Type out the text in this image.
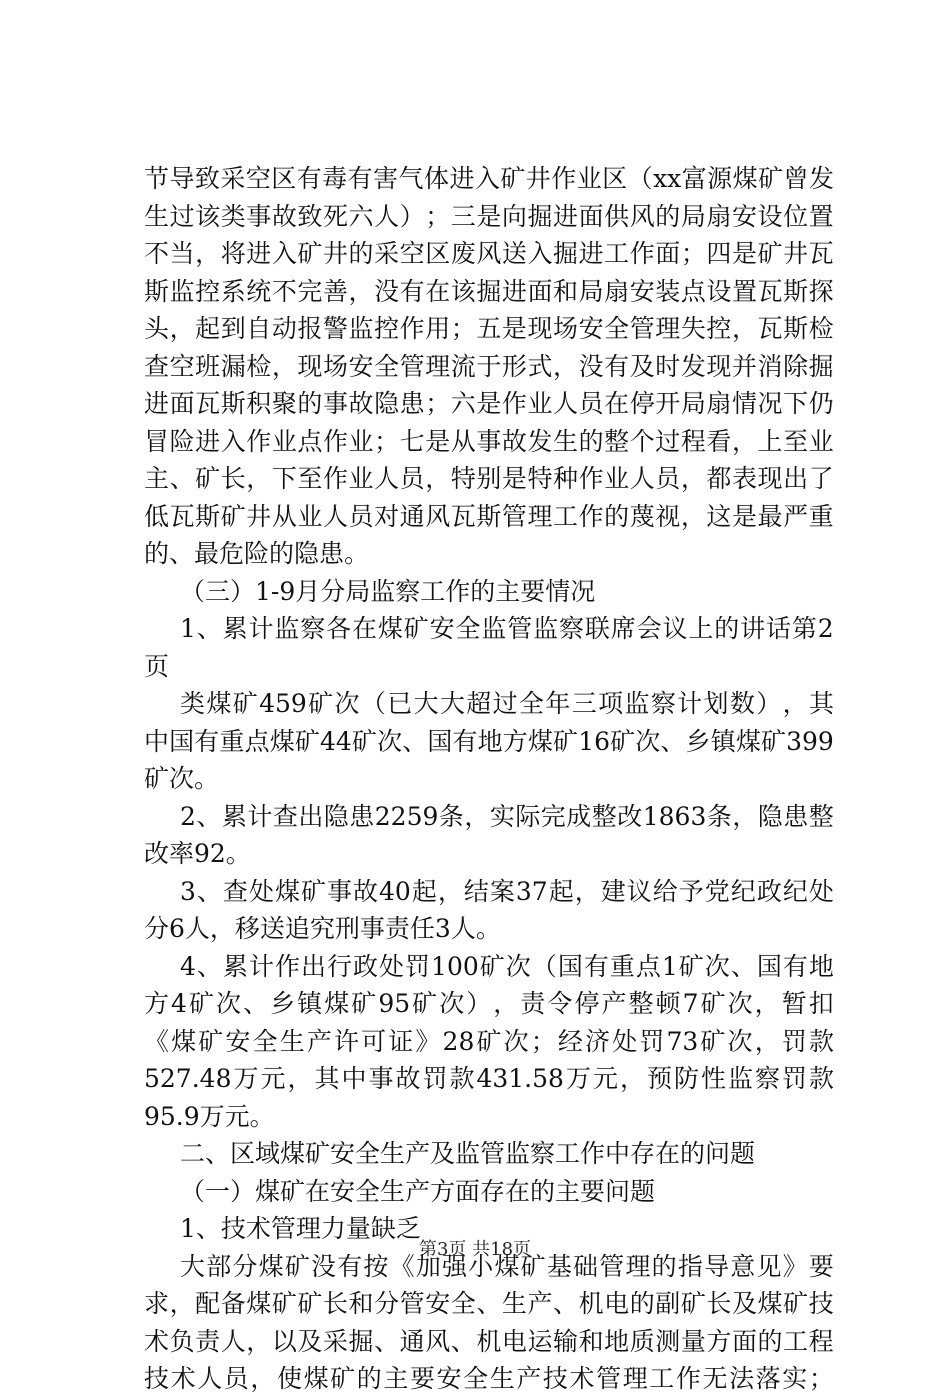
节 导 致 采 空 区 有 毒 有 害 气 体 进 入 矿 井 作 业 区 （ xx 富 源 煤 矿 曾 发
生 过 该 类 事 故 致 死 六 人 ） ； 三 是 向 掘 进 面 供 风 的 局 扇 安 设 位 置
不 当 ， 将 进 入 矿 井 的 采 空 区 废 风 送 入 掘 进 工 作 面 ； 四 是 矿 井 瓦
斯 监 控 系 统 不 完 善 ， 没 有 在 该 掘 进 面 和 局 扇 安 装 点 设 置 瓦 斯 探
头 ， 起 到 自 动 报 警 监 控 作 用 ； 五 是 现 场 安 全 管 理 失 控 ， 瓦 斯 检
查 空 班 漏 检 ， 现 场 安 全 管 理 流 于 形 式 ， 没 有 及 时 发 现 并 消 除 掘
进 面 瓦 斯 积 聚 的 事 故 隐 患 ； 六 是 作 业 人 员 在 停 开 局 扇 情 况 下 仍
冒 险 进 入 作 业 点 作 业 ； 七 是 从 事 故 发 生 的 整 个 过 程 看 ， 上 至 业
主 、 矿 长 ， 下 至 作 业 人 员 ， 特 别 是 特 种 作 业 人 员 ， 都 表 现 出 了
低 瓦 斯 矿 井 从 业 人 员 对 通 风 瓦 斯 管 理 工 作 的 蔑 视 ， 这 是 最 严 重
的、最危险的隐患。
（三）1-9月分局监察工作的主要情况
1 、 累 计 监 察 各 在 煤 矿 安 全 监 管 监 察 联 席 会 议 上 的 讲 话 第 2
页
类 煤 矿 459 矿 次 （ 已 大 大 超 过 全 年 三 项 监 察 计 划 数 ） ， 其
中 国 有 重 点 煤 矿 44 矿 次 、 国 有 地 方 煤 矿 16 矿 次 、 乡 镇 煤 矿 399
矿次。
2 、 累 计 查 出 隐 患 2259 条 ， 实 际 完 成 整 改 1863 条 ， 隐 患 整
改率92。
3 、 查 处 煤 矿 事 故 40 起 ， 结 案 37 起 ， 建 议 给 予 党 纪 政 纪 处
分6人，移送追究刑事责任3人。
4 、 累 计 作 出 行 政 处 罚 100 矿 次 （ 国 有 重 点 1 矿 次 、 国 有 地
方 4 矿 次 、 乡 镇 煤 矿 95 矿 次 ） ， 责 令 停 产 整 顿 7 矿 次 ， 暂 扣
《 煤 矿 安 全 生 产 许 可 证 》 28 矿 次 ； 经 济 处 罚 73 矿 次 ， 罚 款
527.48 万 元 ， 其 中 事 故 罚 款 431.58 万 元 ， 预 防 性 监 察 罚 款
95.9万元。
二、区域煤矿安全生产及监管监察工作中存在的问题
（一）煤矿在安全生产方面存在的主要问题
1、技术管理力量缺乏
大 部 分 煤 矿 没 有 按 《 加 强 小 煤 矿 基 础 管 理 的 指 导 意 见 》 要
求 ， 配 备 煤 矿 矿 长 和 分 管 安 全 、 生 产 、 机 电 的 副 矿 长 及 煤 矿 技
术 负 责 人 ， 以 及 采 掘 、 通 风 、 机 电 运 输 和 地 质 测 量 方 面 的 工 程
技 术 人 员 ， 使 煤 矿 的 主 要 安 全 生 产 技 术 管 理 工 作 无 法 落 实 ；
第3页 共18页
